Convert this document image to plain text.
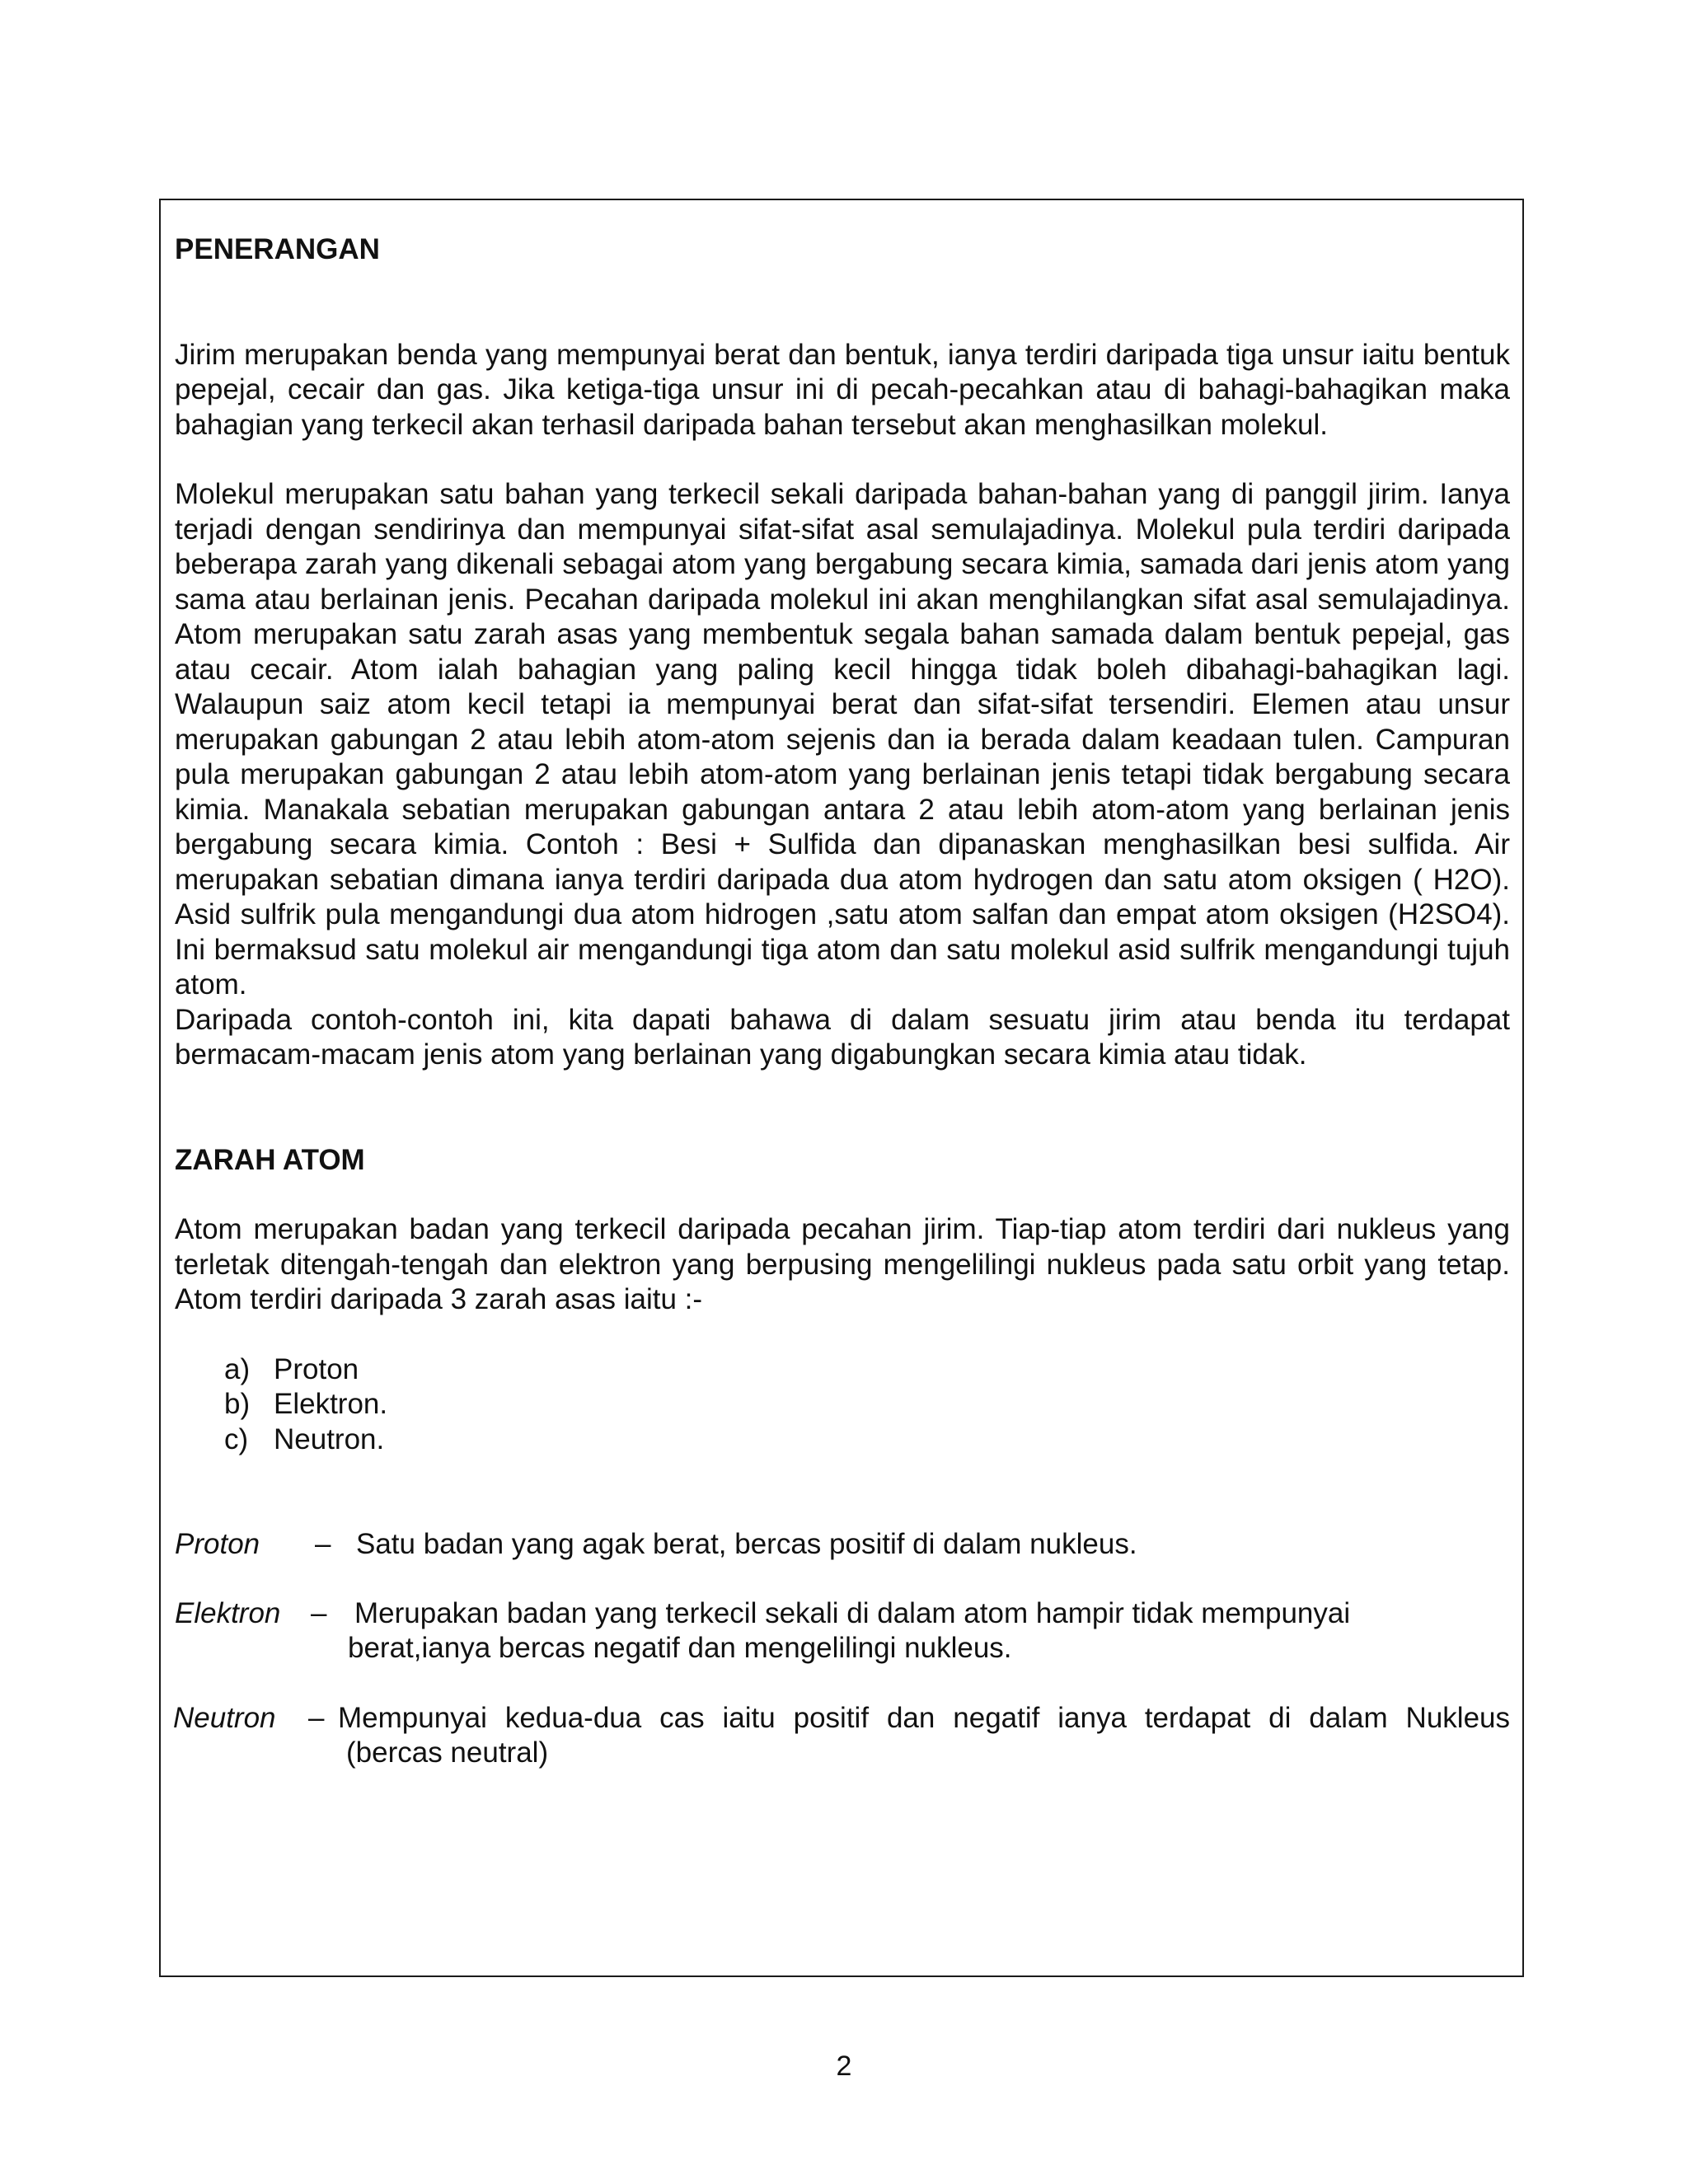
PENERANGAN

Jirim merupakan benda yang mempunyai berat dan bentuk, ianya terdiri daripada tiga unsur iaitu bentuk pepejal, cecair dan gas. Jika ketiga-tiga unsur ini di pecah-pecahkan atau di bahagi-bahagikan maka bahagian yang terkecil akan terhasil daripada bahan tersebut akan menghasilkan molekul.

Molekul merupakan satu bahan yang terkecil sekali daripada bahan-bahan yang di panggil jirim. Ianya terjadi dengan sendirinya dan mempunyai sifat-sifat asal semulajadinya. Molekul pula terdiri daripada beberapa zarah yang dikenali sebagai atom yang bergabung secara kimia, samada dari jenis atom yang sama atau berlainan jenis. Pecahan daripada molekul ini akan menghilangkan sifat asal semulajadinya. Atom merupakan satu zarah asas yang membentuk segala bahan samada dalam bentuk pepejal, gas atau cecair. Atom ialah bahagian yang paling kecil hingga tidak boleh dibahagi-bahagikan lagi. Walaupun saiz atom kecil tetapi ia mempunyai berat dan sifat-sifat tersendiri. Elemen atau unsur merupakan gabungan 2 atau lebih atom-atom sejenis dan ia berada dalam keadaan tulen. Campuran pula merupakan gabungan 2 atau lebih atom-atom yang berlainan jenis tetapi tidak bergabung secara kimia. Manakala sebatian merupakan gabungan antara 2 atau lebih atom-atom yang berlainan jenis bergabung secara kimia. Contoh : Besi + Sulfida dan dipanaskan menghasilkan besi sulfida. Air merupakan sebatian dimana ianya terdiri daripada dua atom hydrogen dan satu atom oksigen ( H2O). Asid sulfrik pula mengandungi dua atom hidrogen ,satu atom salfan dan empat atom oksigen (H2SO4). Ini bermaksud satu molekul air mengandungi tiga atom dan satu molekul asid sulfrik mengandungi tujuh atom.

Daripada contoh-contoh ini, kita dapati bahawa di dalam sesuatu jirim atau benda itu terdapat bermacam-macam jenis atom yang berlainan yang digabungkan secara kimia atau tidak.

ZARAH ATOM

Atom merupakan badan yang terkecil daripada pecahan jirim. Tiap-tiap atom terdiri dari nukleus yang terletak ditengah-tengah dan elektron yang berpusing mengelilingi nukleus pada satu orbit yang tetap. Atom terdiri daripada 3 zarah asas iaitu :-

a) Proton
b) Elektron.
c) Neutron.
Proton – Satu badan yang agak berat, bercas positif di dalam nukleus.
Elektron – Merupakan badan yang terkecil sekali di dalam atom hampir tidak mempunyai
berat,ianya bercas negatif dan mengelilingi nukleus.
Neutron – Mempunyai kedua-dua cas iaitu positif dan negatif ianya terdapat di dalam Nukleus
(bercas neutral)
2
